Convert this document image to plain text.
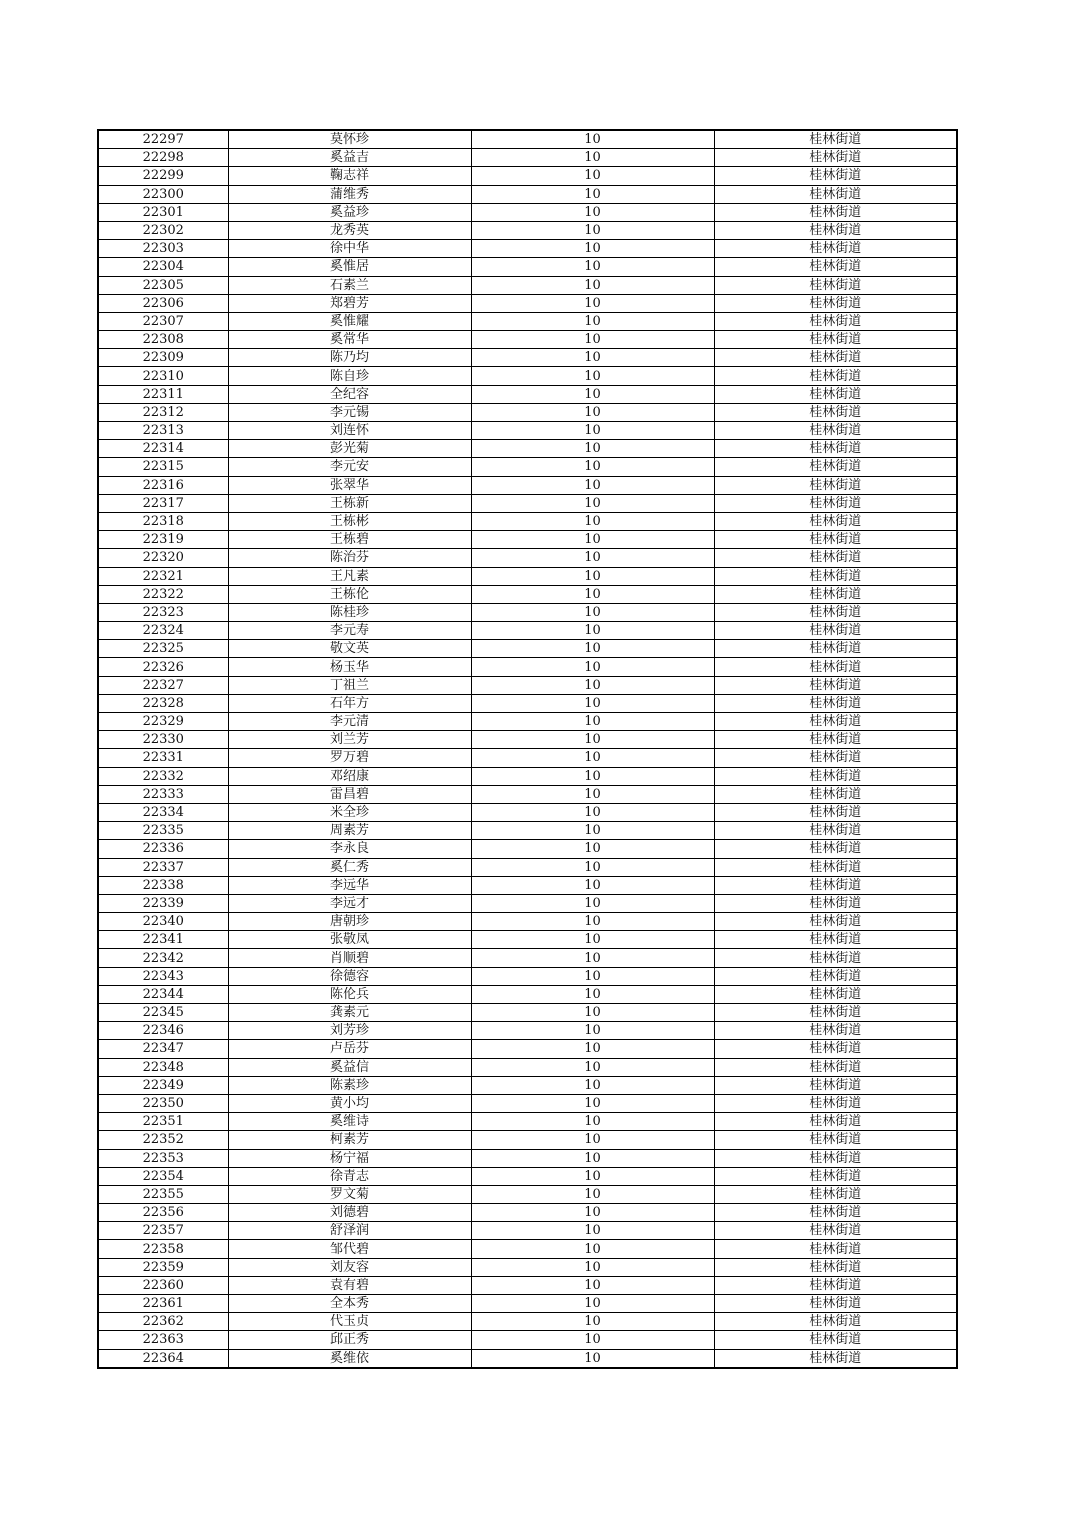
22297	莫怀珍	10	桂林街道
22298	奚益吉	10	桂林街道
22299	鞠志祥	10	桂林街道
22300	蒲维秀	10	桂林街道
22301	奚益珍	10	桂林街道
22302	龙秀英	10	桂林街道
22303	徐中华	10	桂林街道
22304	奚惟居	10	桂林街道
22305	石素兰	10	桂林街道
22306	郑碧芳	10	桂林街道
22307	奚惟耀	10	桂林街道
22308	奚常华	10	桂林街道
22309	陈乃均	10	桂林街道
22310	陈自珍	10	桂林街道
22311	全纪容	10	桂林街道
22312	李元锡	10	桂林街道
22313	刘连怀	10	桂林街道
22314	彭光菊	10	桂林街道
22315	李元安	10	桂林街道
22316	张翠华	10	桂林街道
22317	王栋新	10	桂林街道
22318	王栋彬	10	桂林街道
22319	王栋碧	10	桂林街道
22320	陈治芬	10	桂林街道
22321	王凡素	10	桂林街道
22322	王栋伦	10	桂林街道
22323	陈桂珍	10	桂林街道
22324	李元寿	10	桂林街道
22325	敬文英	10	桂林街道
22326	杨玉华	10	桂林街道
22327	丁祖兰	10	桂林街道
22328	石年方	10	桂林街道
22329	李元清	10	桂林街道
22330	刘兰芳	10	桂林街道
22331	罗万碧	10	桂林街道
22332	邓绍康	10	桂林街道
22333	雷昌碧	10	桂林街道
22334	米全珍	10	桂林街道
22335	周素芳	10	桂林街道
22336	李永良	10	桂林街道
22337	奚仁秀	10	桂林街道
22338	李远华	10	桂林街道
22339	李远才	10	桂林街道
22340	唐朝珍	10	桂林街道
22341	张敬凤	10	桂林街道
22342	肖顺碧	10	桂林街道
22343	徐德容	10	桂林街道
22344	陈伦兵	10	桂林街道
22345	龚素元	10	桂林街道
22346	刘芳珍	10	桂林街道
22347	卢岳芬	10	桂林街道
22348	奚益信	10	桂林街道
22349	陈素珍	10	桂林街道
22350	黄小均	10	桂林街道
22351	奚维诗	10	桂林街道
22352	柯素芳	10	桂林街道
22353	杨宁福	10	桂林街道
22354	徐青志	10	桂林街道
22355	罗文菊	10	桂林街道
22356	刘德碧	10	桂林街道
22357	舒泽润	10	桂林街道
22358	邹代碧	10	桂林街道
22359	刘友容	10	桂林街道
22360	袁有碧	10	桂林街道
22361	全本秀	10	桂林街道
22362	代玉贞	10	桂林街道
22363	邱正秀	10	桂林街道
22364	奚维依	10	桂林街道
